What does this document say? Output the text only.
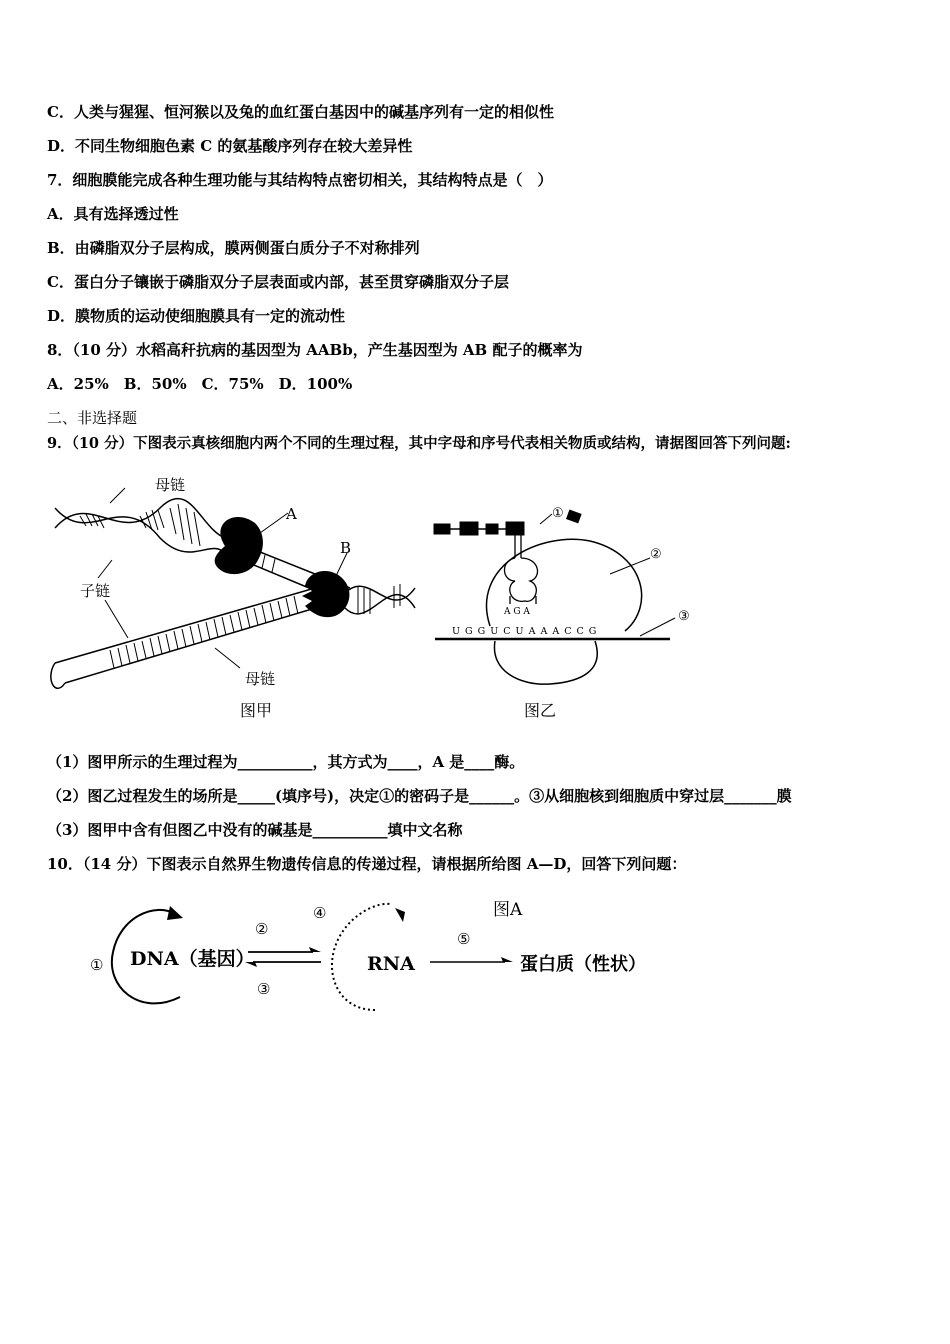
C．人类与猩猩、恒河猴以及兔的血红蛋白基因中的碱基序列有一定的相似性
D．不同生物细胞色素 C 的氨基酸序列存在较大差异性
7．细胞膜能完成各种生理功能与其结构特点密切相关，其结构特点是（　）
A．具有选择透过性
B．由磷脂双分子层构成，膜两侧蛋白质分子不对称排列
C．蛋白分子镶嵌于磷脂双分子层表面或内部，甚至贯穿磷脂双分子层
D．膜物质的运动使细胞膜具有一定的流动性
8．（10 分）水稻高秆抗病的基因型为 AABb，产生基因型为 AB 配子的概率为
A．25%　B．50%　C．75%　D．100%
二、非选择题
9．（10 分）下图表示真核细胞内两个不同的生理过程，其中字母和序号代表相关物质或结构，请据图回答下列问题:
A
B
母链
子链
母链
图甲
①
②
A G A
U G G U C U A A A C C G
③
图乙
（1）图甲所示的生理过程为__________，其方式为____，A 是____酶。
（2）图乙过程发生的场所是_____(填序号)，决定①的密码子是______。③从细胞核到细胞质中穿过层_______膜
（3）图甲中含有但图乙中没有的碱基是__________填中文名称
10．（14 分）下图表示自然界生物遗传信息的传递过程，请根据所给图 A—D，回答下列问题：
图A
① DNA（基因）
②
③
④
RNA
⑤
蛋白质（性状）
